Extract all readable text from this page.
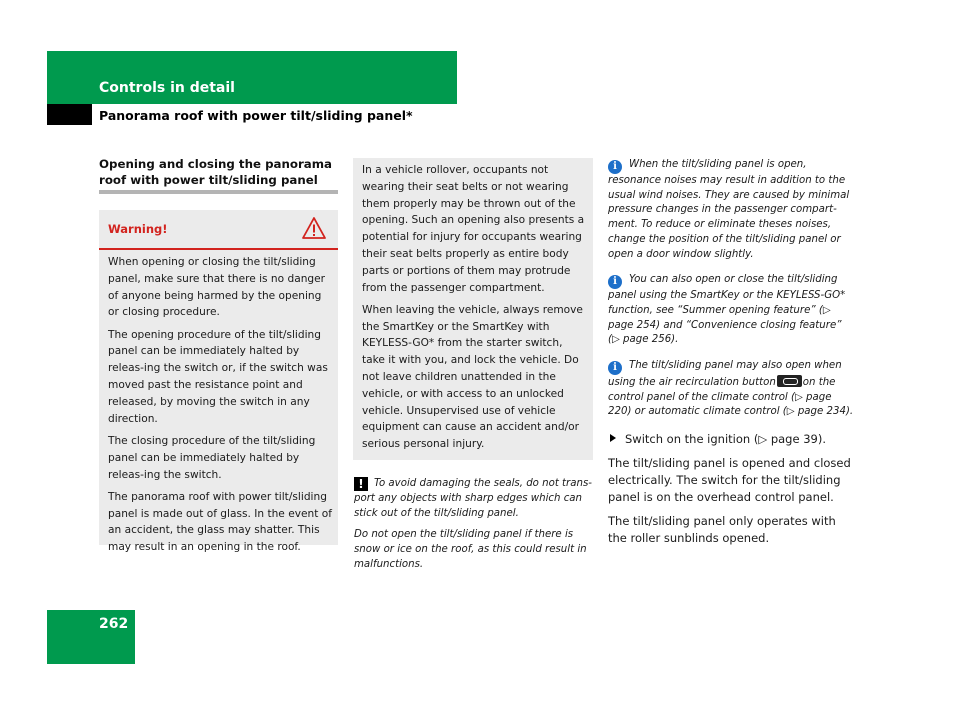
Controls in detail
Panorama roof with power tilt/sliding panel*
Opening and closing the panorama roof with power tilt/sliding panel
Warning!

When opening or closing the tilt/sliding panel, make sure that there is no danger of anyone being harmed by the opening or closing procedure.

The opening procedure of the tilt/sliding panel can be immediately halted by releas-ing the switch or, if the switch was moved past the resistance point and released, by moving the switch in any direction.

The closing procedure of the tilt/sliding panel can be immediately halted by releas-ing the switch.

The panorama roof with power tilt/sliding panel is made out of glass. In the event of an accident, the glass may shatter. This may result in an opening in the roof.

In a vehicle rollover, occupants not wearing their seat belts or not wearing them properly may be thrown out of the opening. Such an opening also presents a potential for injury for occupants wearing their seat belts properly as entire body parts or portions of them may protrude from the passenger compartment.

When leaving the vehicle, always remove the SmartKey or the SmartKey with KEYLESS-GO* from the starter switch, take it with you, and lock the vehicle. Do not leave children unattended in the vehicle, or with access to an unlocked vehicle. Unsupervised use of vehicle equipment can cause an accident and/or serious personal injury.

! To avoid damaging the seals, do not trans-port any objects with sharp edges which can stick out of the tilt/sliding panel.

Do not open the tilt/sliding panel if there is snow or ice on the roof, as this could result in malfunctions.

i When the tilt/sliding panel is open, resonance noises may result in addition to the usual wind noises. They are caused by minimal pressure changes in the passenger compart-ment. To reduce or eliminate theses noises, change the position of the tilt/sliding panel or open a door window slightly.

i You can also open or close the tilt/sliding panel using the SmartKey or the KEYLESS-GO* function, see “Summer opening feature” (▷ page 254) and “Convenience closing feature” (▷ page 256).

i The tilt/sliding panel may also open when using the air recirculation button	on the control panel of the climate control (▷ page 220) or automatic climate control (▷ page 234).

Switch on the ignition (▷ page 39).

The tilt/sliding panel is opened and closed electrically. The switch for the tilt/sliding panel is on the overhead control panel.

The tilt/sliding panel only operates with the roller sunblinds opened.

262
